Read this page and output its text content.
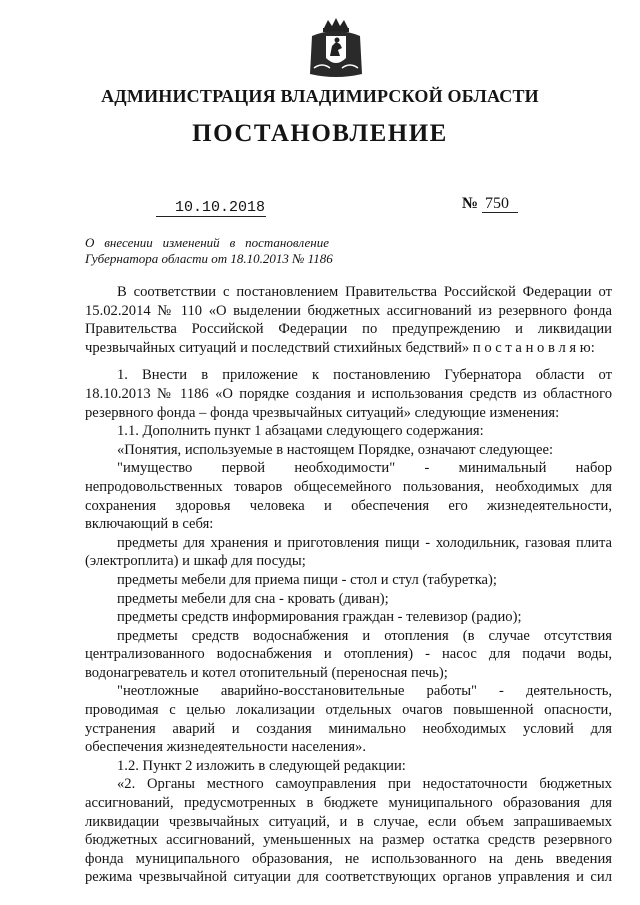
АДМИНИСТРАЦИЯ ВЛАДИМИРСКОЙ ОБЛАСТИ
ПОСТАНОВЛЕНИЕ
10.10.2018	№ 750
О внесении изменений в постановление
Губернатора области от 18.10.2013 № 1186
В соответствии с постановлением Правительства Российской Федерации от
15.02.2014 № 110 «О выделении бюджетных ассигнований из резервного фонда
Правительства Российской Федерации по предупреждению и ликвидации
чрезвычайных ситуаций и последствий стихийных бедствий» п о с т а н о в л я ю:
1. Внести в приложение к постановлению Губернатора области от
18.10.2013 № 1186 «О порядке создания и использования средств из областного
резервного фонда – фонда чрезвычайных ситуаций» следующие изменения:
1.1. Дополнить пункт 1 абзацами следующего содержания:
«Понятия, используемые в настоящем Порядке, означают следующее:
"имущество первой необходимости" - минимальный набор
непродовольственных товаров общесемейного пользования, необходимых для
сохранения здоровья человека и обеспечения его жизнедеятельности,
включающий в себя:
предметы для хранения и приготовления пищи - холодильник, газовая плита
(электроплита) и шкаф для посуды;
предметы мебели для приема пищи - стол и стул (табуретка);
предметы мебели для сна - кровать (диван);
предметы средств информирования граждан - телевизор (радио);
предметы средств водоснабжения и отопления (в случае отсутствия
централизованного водоснабжения и отопления) - насос для подачи воды,
водонагреватель и котел отопительный (переносная печь);
"неотложные аварийно-восстановительные работы" - деятельность,
проводимая с целью локализации отдельных очагов повышенной опасности,
устранения аварий и создания минимально необходимых условий для
обеспечения жизнедеятельности населения».
1.2. Пункт 2 изложить в следующей редакции:
«2. Органы местного самоуправления при недостаточности бюджетных
ассигнований, предусмотренных в бюджете муниципального образования для
ликвидации чрезвычайных ситуаций, и в случае, если объем запрашиваемых
бюджетных ассигнований, уменьшенных на размер остатка средств резервного
фонда муниципального образования, не использованного на день введения
режима чрезвычайной ситуации для соответствующих органов управления и сил
